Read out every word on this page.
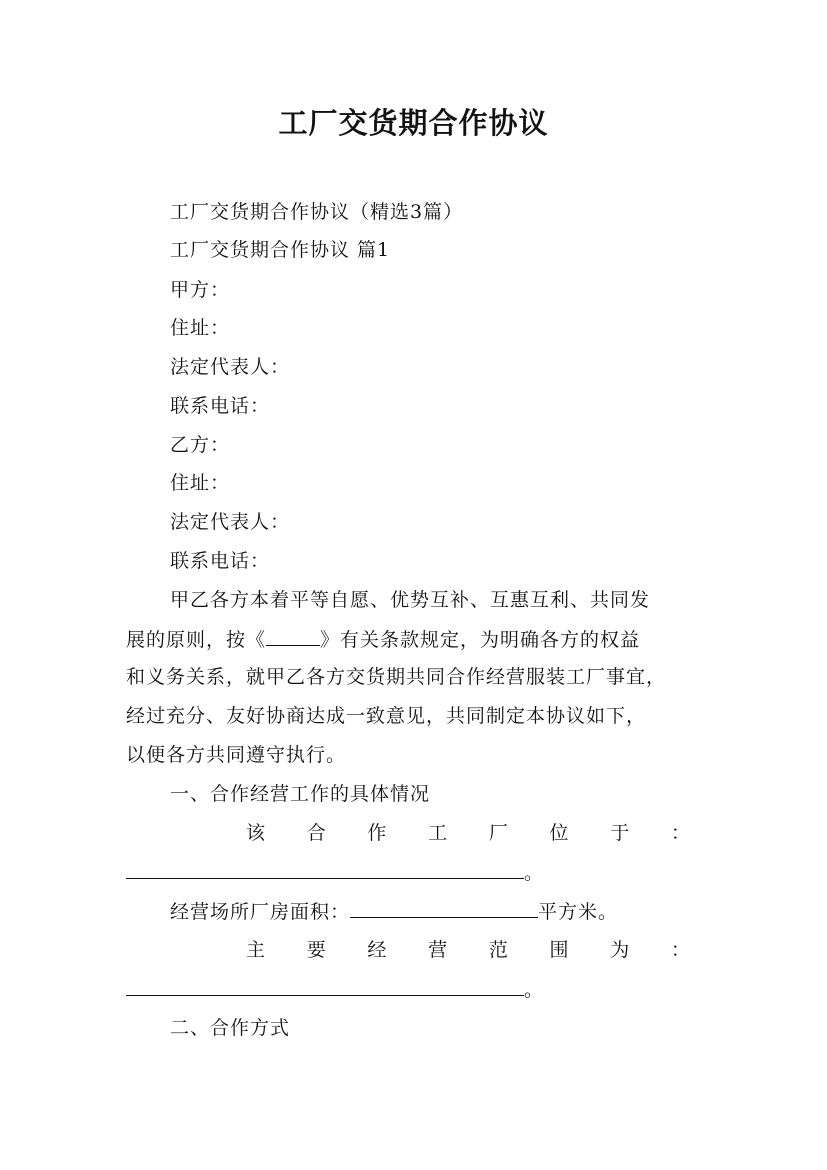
工厂交货期合作协议
工厂交货期合作协议（精选3篇）
工厂交货期合作协议 篇1
甲方：
住址：
法定代表人：
联系电话：
乙方：
住址：
法定代表人：
联系电话：
甲乙各方本着平等自愿、优势互补、互惠互利、共同发
展的原则，按《	》有关条款规定，为明确各方的权益
和义务关系，就甲乙各方交货期共同合作经营服装工厂事宜，
经过充分、友好协商达成一致意见，共同制定本协议如下，
以便各方共同遵守执行。
一、合作经营工作的具体情况
该 合 作 工 厂 位 于 ：
。
经营场所厂房面积：	平方米。
主 要 经 营 范 围 为 ：
。
二、合作方式
